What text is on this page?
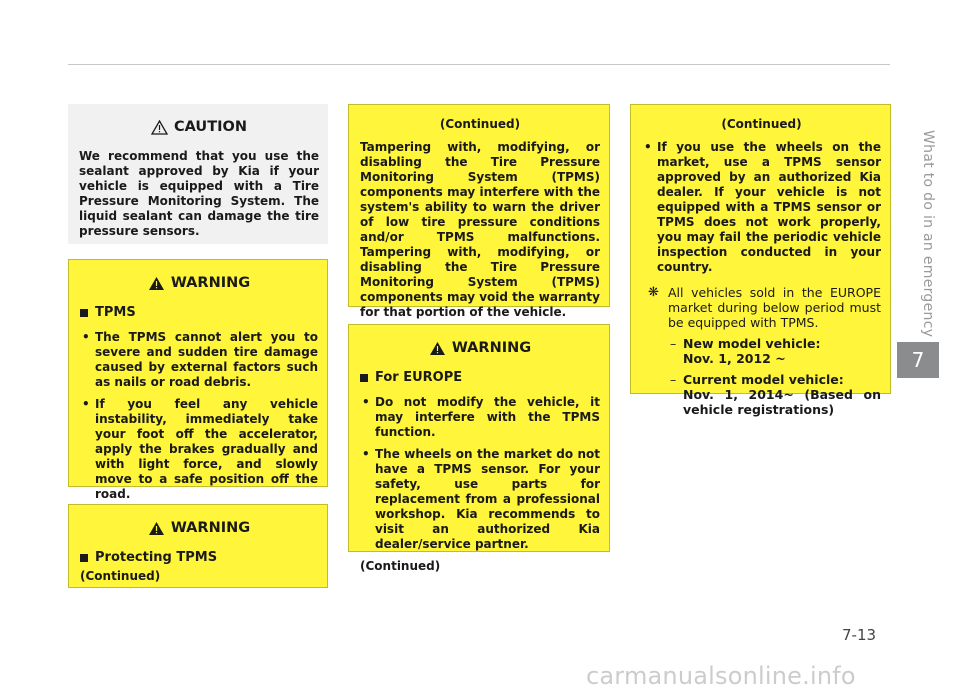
CAUTION

We recommend that you use the sealant approved by Kia if your vehicle is equipped with a Tire Pressure Monitoring System. The liquid sealant can damage the tire pressure sensors.

WARNING
TPMS
• The TPMS cannot alert you to severe and sudden tire damage caused by external factors such as nails or road debris.
• If you feel any vehicle instability, immediately take your foot off the accelerator, apply the brakes gradually and with light force, and slowly move to a safe position off the road.
WARNING
Protecting TPMS
(Continued)
(Continued)

Tampering with, modifying, or disabling the Tire Pressure Monitoring System (TPMS) components may interfere with the system's ability to warn the driver of low tire pressure conditions and/or TPMS malfunctions. Tampering with, modifying, or disabling the Tire Pressure Monitoring System (TPMS) components may void the warranty for that portion of the vehicle.

WARNING
For EUROPE
• Do not modify the vehicle, it may interfere with the TPMS function.
• The wheels on the market do not have a TPMS sensor. For your safety, use parts for replacement from a professional workshop. Kia recommends to visit an authorized Kia dealer/service partner.
(Continued)
(Continued)
• If you use the wheels on the market, use a TPMS sensor approved by an authorized Kia dealer. If your vehicle is not equipped with a TPMS sensor or TPMS does not work properly, you may fail the periodic vehicle inspection conducted in your country.
❋ All vehicles sold in the EUROPE market during below period must be equipped with TPMS.
– New model vehicle:
Nov. 1, 2012 ~
– Current model vehicle:
Nov. 1, 2014~ (Based on vehicle registrations)
What to do in an emergency
7
7-13
carmanualsonline.info
